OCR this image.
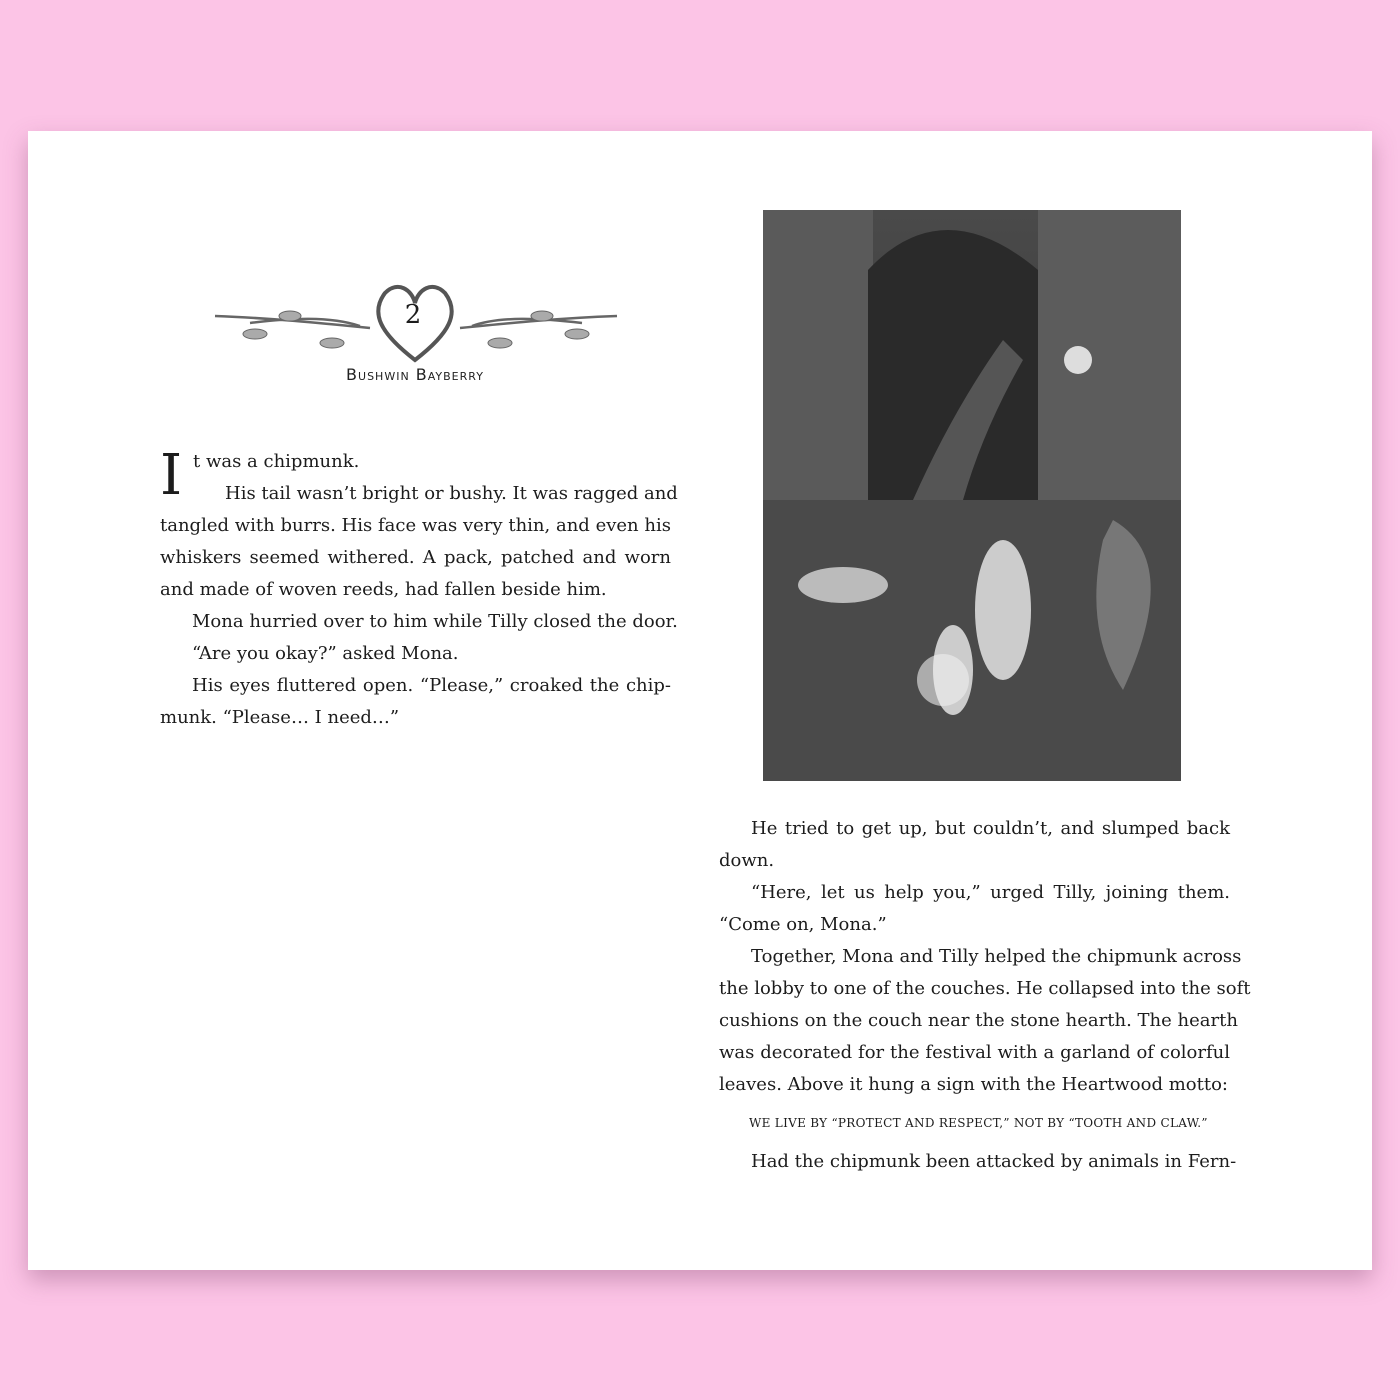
2
Bushwin Bayberry
I t was a chipmunk.
His tail wasn’t bright or bushy. It was ragged and
tangled with burrs. His face was very thin, and even his
whiskers seemed withered. A pack, patched and worn
and made of woven reeds, had fallen beside him.
Mona hurried over to him while Tilly closed the door.
“Are you okay?” asked Mona.
His eyes fluttered open. “Please,” croaked the chip-
munk. “Please… I need…”
He tried to get up, but couldn’t, and slumped back
down.
“Here, let us help you,” urged Tilly, joining them.
“Come on, Mona.”
Together, Mona and Tilly helped the chipmunk across
the lobby to one of the couches. He collapsed into the soft
cushions on the couch near the stone hearth. The hearth
was decorated for the festival with a garland of colorful
leaves. Above it hung a sign with the Heartwood motto:
WE LIVE BY “PROTECT AND RESPECT,” NOT BY “TOOTH AND CLAW.”
Had the chipmunk been attacked by animals in Fern-
